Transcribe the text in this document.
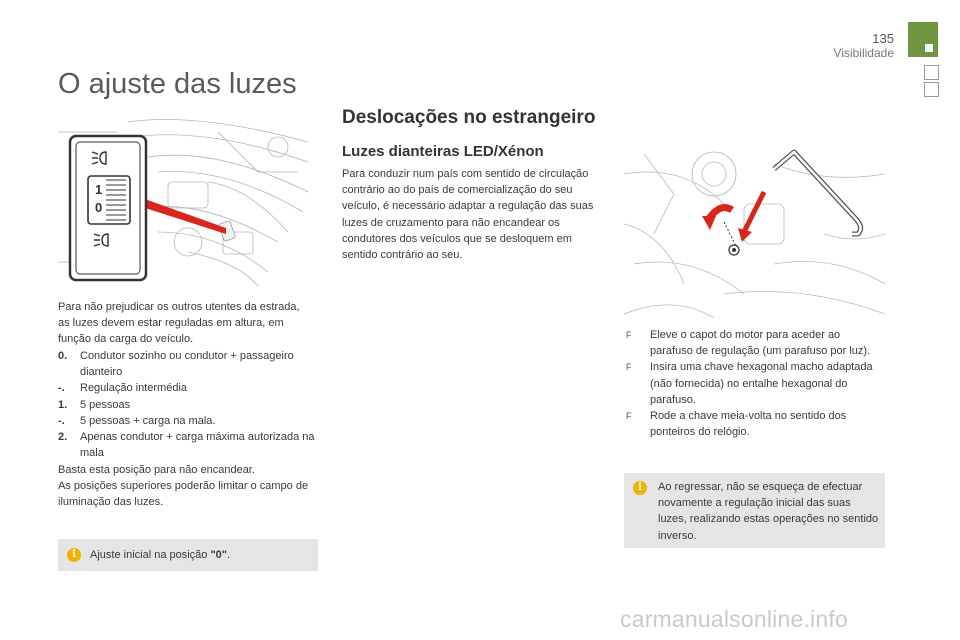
135
Visibilidade
O ajuste das luzes
1
0

Para não prejudicar os outros utentes da estrada, as luzes devem estar reguladas em altura, em função da carga do veículo.

0.	Condutor sozinho ou condutor + passageiro dianteiro
-.	Regulação intermédia
1.	5 pessoas
-.	5 pessoas + carga na mala.
2.	Apenas condutor + carga máxima autorizada na mala
Basta esta posição para não encandear.
As posições superiores poderão limitar o campo de iluminação das luzes.
i	Ajuste inicial na posição "0".
Deslocações no estrangeiro
Luzes dianteiras LED/Xénon

Para conduzir num país com sentido de circulação contrário ao do país de comercialização do seu veículo, é necessário adaptar a regulação das suas luzes de cruzamento para não encandear os condutores dos veículos que se desloquem em sentido contrário ao seu.

F	Eleve o capot do motor para aceder ao parafuso de regulação (um parafuso por luz).
F	Insira uma chave hexagonal macho adaptada (não fornecida) no entalhe hexagonal do parafuso.
F	Rode a chave meia-volta no sentido dos ponteiros do relógio.
i	Ao regressar, não se esqueça de efectuar novamente a regulação inicial das suas luzes, realizando estas operações no sentido inverso.
carmanualsonline.info
